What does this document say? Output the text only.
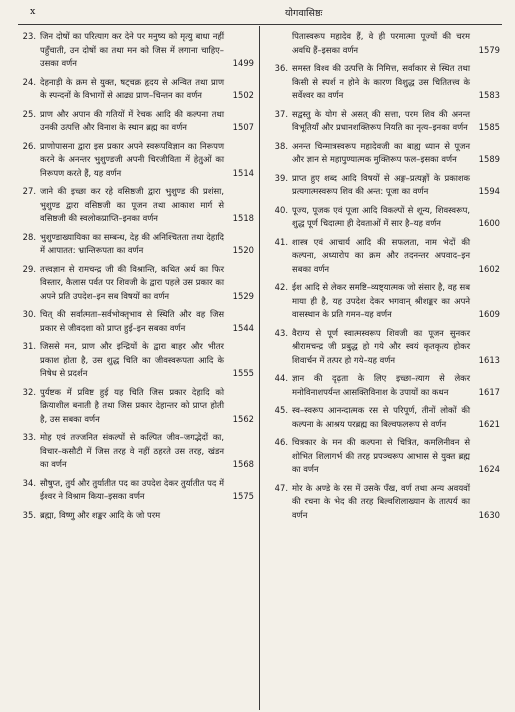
x	योगवासिष्ठः
23. जिन दोषों का परित्याग कर देने पर मनुष्य को मृत्यु बाधा नहीं पहुँचाती, उन दोषों का तथा मन को जिस में लगाना चाहिए–उसका वर्णन	1499
24. देहनाड़ी के क्रम से युक्त, षट्चक्र हृदय से अन्वित तथा प्राण के स्पन्दनों के विभागों से आढ्य प्राण–चिन्तन का वर्णन	1502
25. प्राण और अपान की गतियों में रेचक आदि की कल्पना तथा उनकी उत्पत्ति और विनाश के स्थान ब्रह्म का वर्णन	1507
26. प्राणोपासना द्वारा इस प्रकार अपने स्वरूपविज्ञान का निरूपण करने के अनन्तर भुशुण्डजी अपनी चिरजीविता में हेतुओं का निरूपण करते हैं, यह वर्णन	1514
27. जाने की इच्छा कर रहे वसिष्ठजी द्वारा भुशुण्ड की प्रशंसा, भुशुण्ड द्वारा वसिष्ठजी का पूजन तथा आकाश मार्ग से वसिष्ठजी की स्वलोकप्राप्ति–इनका वर्णन	1518
28. भुशुण्डाख्यायिका का सम्बन्ध, देह की अनिश्चितता तथा देहादि में आपातत: भ्रान्तिरूपता का वर्णन	1520
29. तत्त्वज्ञान से रामचन्द्र जी की विश्रान्ति, कथित अर्थ का फिर विस्तार, कैलास पर्वत पर शिवजी के द्वारा पहले उस प्रकार का अपने प्रति उपदेश–इन सब विषयों का वर्णन	1529
30. चित् की सर्वात्मता–सर्वभोक्तृभाव से स्थिति और वह जिस प्रकार से जीवदशा को प्राप्त हुई–इन सबका वर्णन	1544
31. जिससे मन, प्राण और इन्द्रियों के द्वारा बाहर और भीतर प्रकाश होता है, उस शुद्ध चिति का जीवस्वरूपता आदि के निषेध से प्रदर्शन	1555
32. पुर्यष्टक में प्रविष्ट हुई यह चिति जिस प्रकार देहादि को क्रियाशील बनाती है तथा जिस प्रकार देहान्तर को प्राप्त होती है, उस सबका वर्णन	1562
33. मोह एवं तज्जनित संकल्पों से कल्पित जीव–जगद्भेदों का, विचार–कसौटी में जिस तरह वे नहीं ठहरते उस तरह, खंडन का वर्णन	1568
34. सौषुप्त, तुर्य और तुर्यातीत पद का उपदेश देकर तुर्यातीत पद में ईश्वर ने विश्राम किया–इसका वर्णन	1575
35. ब्रह्मा, विष्णु और शङ्कर आदि के जो परम
पितास्वरूप महादेव हैं, वे ही परमात्मा पूज्यों की चरम अवधि हैं–इसका वर्णन	1579
36. समस्त विश्व की उत्पत्ति के निमित्त, सर्वाकार से स्थित तथा किसी से स्पर्श न होने के कारण विशुद्ध उस चितितत्त्व के सर्वेश्वर का वर्णन	1583
37. सद्वस्तु के योग से असत् की सत्ता, परम शिव की अनन्त विभूतियाँ और प्रधानशक्तिरूप नियति का नृत्य–इनका वर्णन 1585
38. अनन्त चिन्मात्रस्वरूप महादेवजी का बाह्य ध्यान से पूजन और ज्ञान से महापुण्यात्मक मुक्तिरूप फल–इसका वर्णन	1589
39. प्राप्त हुए शब्द आदि विषयों से अङ्ग–प्रत्यङ्गों के प्रकाशक प्रत्यगात्मस्वरूप शिव की अन्त: पूजा का वर्णन	1594
40. पूज्य, पूजक एवं पूजा आदि विकल्पों से शून्य, शिवस्वरूप, शुद्ध पूर्ण चिदात्मा ही देवताओं में सार है–यह वर्णन	1600
41. शास्त्र एवं आचार्य आदि की सफलता, नाम भेदों की कल्पना, अध्यारोप का क्रम और तदनन्तर अपवाद–इन सबका वर्णन	1602
42. ईश आदि से लेकर समष्टि–व्यष्ट्यात्मक जो संसार है, वह सब माया ही है, यह उपदेश देकर भगवान् श्रीशङ्कर का अपने वासस्थान के प्रति गमन–यह वर्णन	1609
43. वैराग्य से पूर्ण स्वात्मस्वरूप शिवजी का पूजन सुनकर श्रीरामचन्द्र जी प्रबुद्ध हो गये और स्वयं कृतकृत्य होकर शिवार्चन में तत्पर हो गये–यह वर्णन	1613
44. ज्ञान की दृढ़ता के लिए इच्छा–त्याग से लेकर मनोविनाशपर्यन्त आसक्तिविनाश के उपायों का कथन	1617
45. स्व–स्वरूप आनन्दात्मक रस से परिपूर्ण, तीनों लोकों की कल्पना के आश्रय परब्रह्म का बिल्वफलरूप से वर्णन	1621
46. चित्रकार के मन की कल्पना से चित्रित, कमलिनीवन से शोभित शिलागर्भ की तरह प्रपञ्चरूप आभास से युक्त ब्रह्म का वर्णन	1624
47. मोर के अण्डे के रस में उसके पँख, वर्ण तथा अन्य अवयवों की रचना के भेद की तरह बिल्वशिलाख्यान के तात्पर्य का वर्णन	1630
